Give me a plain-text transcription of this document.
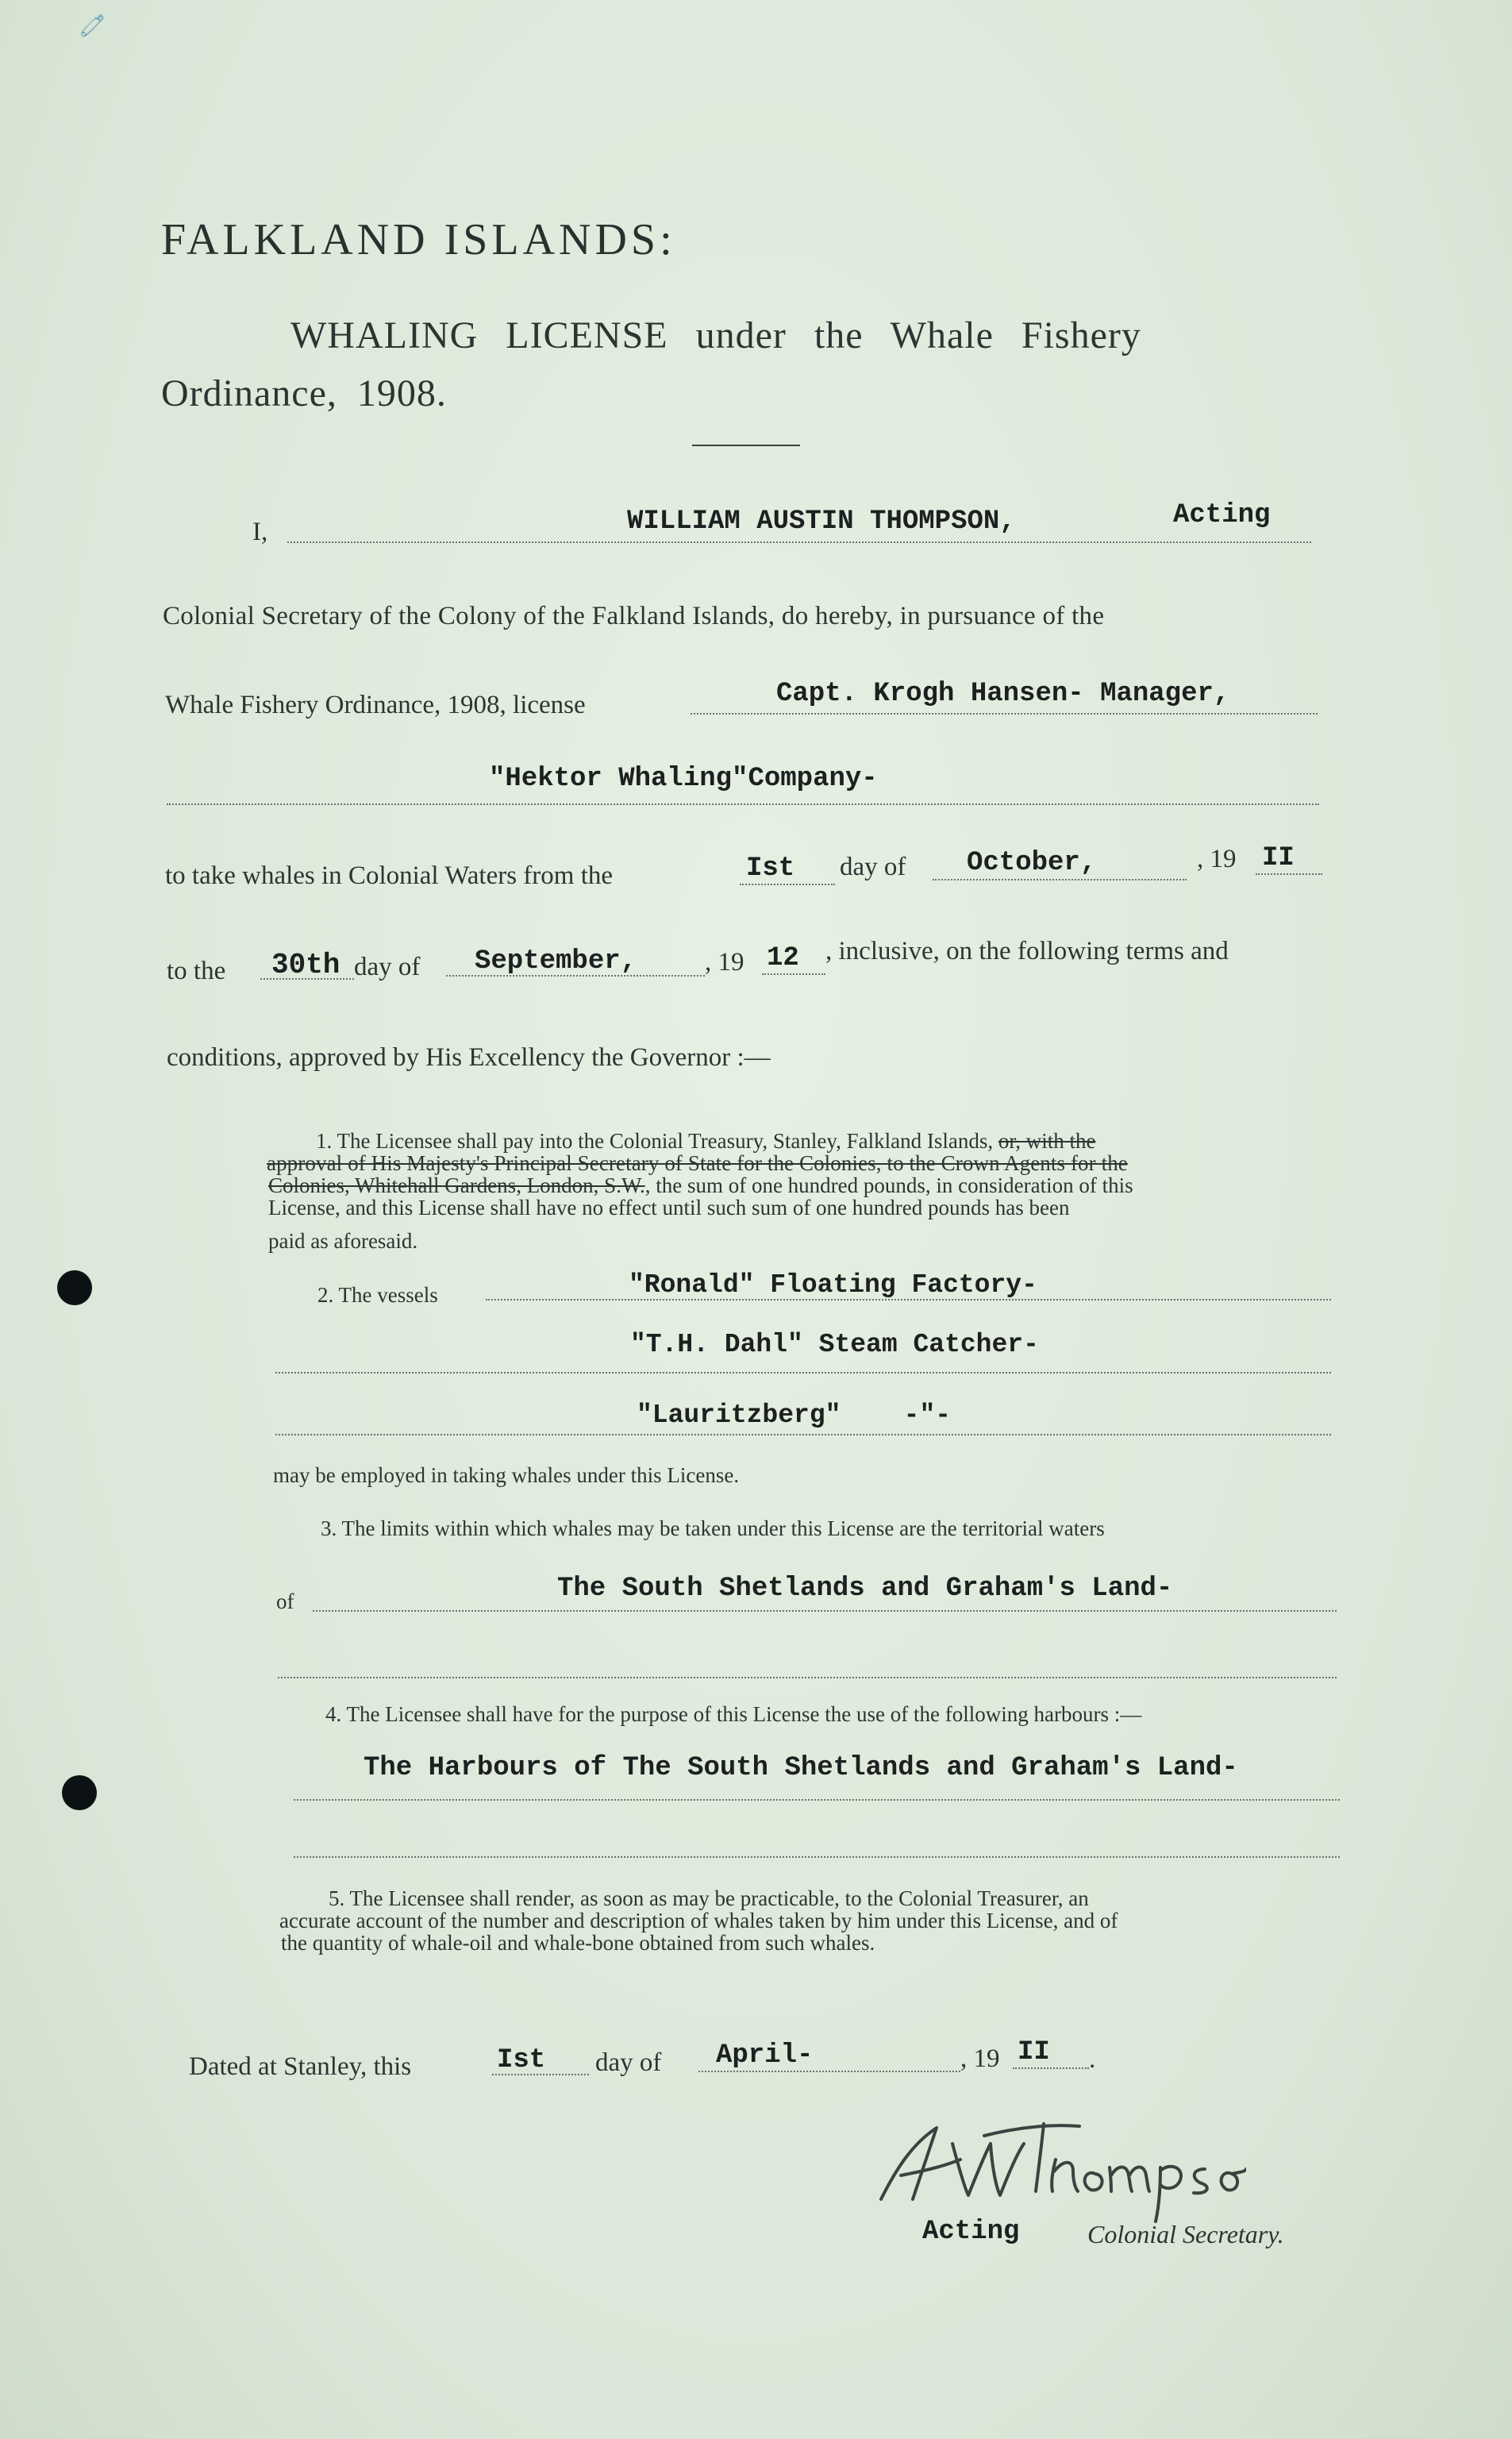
🧷
FALKLAND ISLANDS:
WHALING LICENSE under the Whale Fishery
Ordinance, 1908.
I,	WILLIAM AUSTIN THOMPSON,	Acting
Colonial Secretary of the Colony of the Falkland Islands, do hereby, in pursuance of the
Whale Fishery Ordinance, 1908, license	Capt. Krogh Hansen- Manager,
"Hektor Whaling"Company-
to take whales in Colonial Waters from the	Ist day of October,	, 19 II
to the 30th day of September,	, 19 12 , inclusive, on the following terms and
conditions, approved by His Excellency the Governor :—
1. The Licensee shall pay into the Colonial Treasury, Stanley, Falkland Islands, or, with the
approval of His Majesty's Principal Secretary of State for the Colonies, to the Crown Agents for the
Colonies, Whitehall Gardens, London, S.W., the sum of one hundred pounds, in consideration of this
License, and this License shall have no effect until such sum of one hundred pounds has been
paid as aforesaid.
2. The vessels	"Ronald" Floating Factory-
"T.H. Dahl" Steam Catcher-
"Lauritzberg"    -"-
may be employed in taking whales under this License.
3. The limits within which whales may be taken under this License are the territorial waters
of	The South Shetlands and Graham's Land-
4. The Licensee shall have for the purpose of this License the use of the following harbours :—
The Harbours of The South Shetlands and Graham's Land-
5. The Licensee shall render, as soon as may be practicable, to the Colonial Treasurer, an
accurate account of the number and description of whales taken by him under this License, and of
the quantity of whale-oil and whale-bone obtained from such whales.
Dated at Stanley, this	Ist day of April-	, 19 II .
WAThompson
Acting	Colonial Secretary.
